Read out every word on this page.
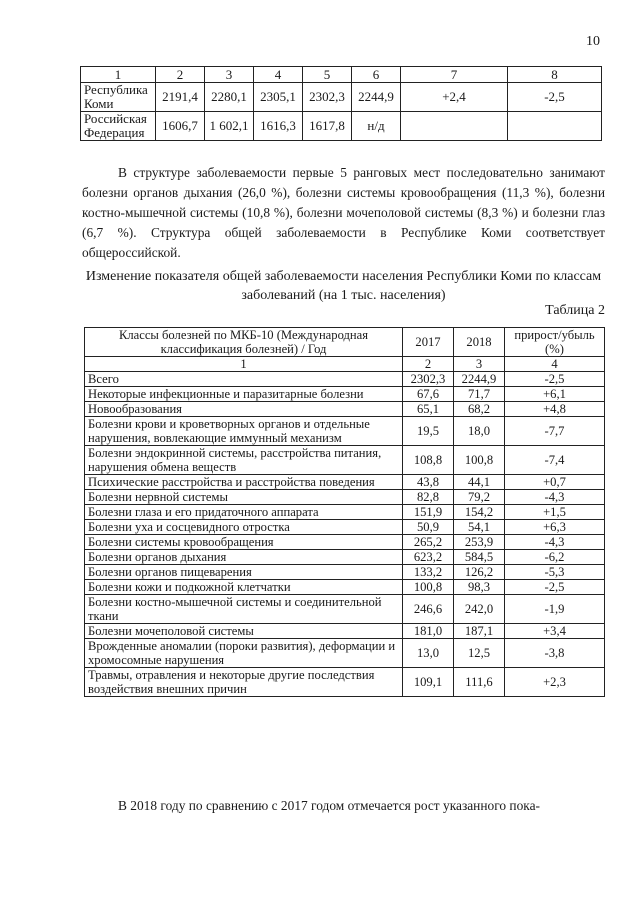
10
1	2	3	4	5	6	7	8
Республика
Коми	2191,4	2280,1	2305,1	2302,3	2244,9	+2,4	-2,5
Российская
Федерация	1606,7	1 602,1	1616,3	1617,8	н/д		

В структуре заболеваемости первые 5 ранговых мест последовательно занимают болезни органов дыхания (26,0 %), болезни системы кровообращения (11,3 %), болезни костно-мышечной системы (10,8 %), болезни мочеполовой системы (8,3 %) и болезни глаз (6,7 %). Структура общей заболеваемости в Республике Коми соответствует общероссийской.

Изменение показателя общей заболеваемости населения Республики Коми по классам заболеваний (на 1 тыс. населения)

Таблица 2
Классы болезней по МКБ-10 (Международная классификация болезней) / Год	2017	2018	прирост/убыль (%)
1	2	3	4
Всего	2302,3	2244,9	-2,5
Некоторые инфекционные и паразитарные болезни	67,6	71,7	+6,1
Новообразования	65,1	68,2	+4,8
Болезни крови и кроветворных органов и отдельные нарушения, вовлекающие иммунный механизм	19,5	18,0	-7,7
Болезни эндокринной системы, расстройства питания, нарушения обмена веществ	108,8	100,8	-7,4
Психические расстройства и расстройства поведения	43,8	44,1	+0,7
Болезни нервной системы	82,8	79,2	-4,3
Болезни глаза и его придаточного аппарата	151,9	154,2	+1,5
Болезни уха и сосцевидного отростка	50,9	54,1	+6,3
Болезни системы кровообращения	265,2	253,9	-4,3
Болезни органов дыхания	623,2	584,5	-6,2
Болезни органов пищеварения	133,2	126,2	-5,3
Болезни кожи и подкожной клетчатки	100,8	98,3	-2,5
Болезни костно-мышечной системы и соединительной ткани	246,6	242,0	-1,9
Болезни мочеполовой системы	181,0	187,1	+3,4
Врожденные аномалии (пороки развития), деформации и хромосомные нарушения	13,0	12,5	-3,8
Травмы, отравления и некоторые другие последствия воздействия внешних причин	109,1	111,6	+2,3

В 2018 году по сравнению с 2017 годом отмечается рост указанного пока-
